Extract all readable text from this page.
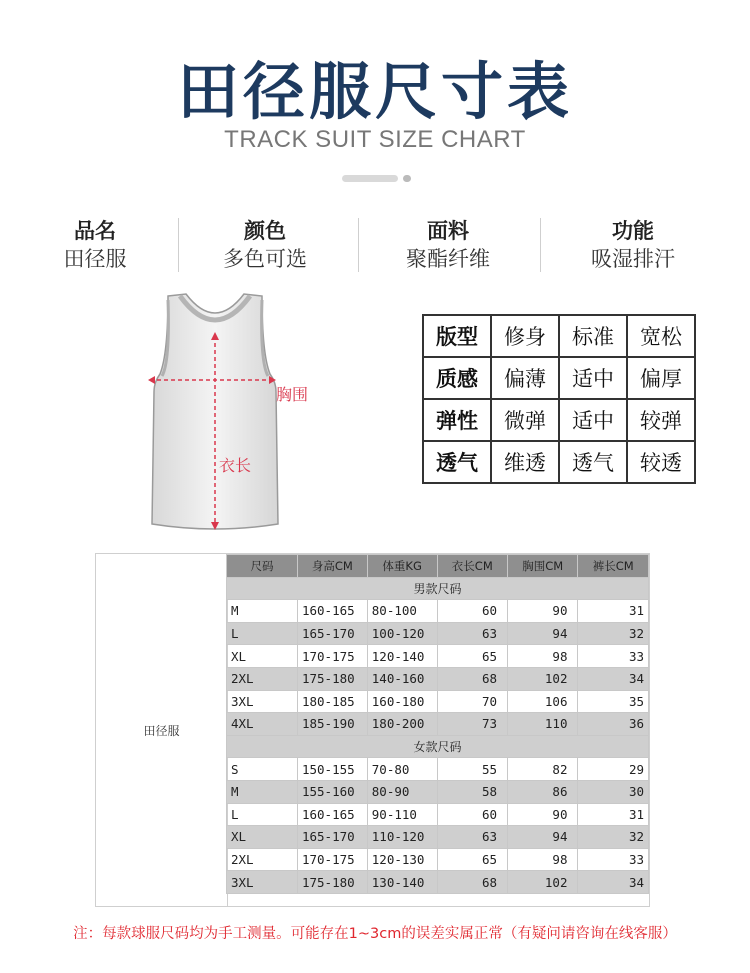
田径服尺寸表
TRACK SUIT SIZE CHART
品名
田径服
颜色
多色可选
面料
聚酯纤维
功能
吸湿排汗
胸围
衣长
版型	修身	标准	宽松
质感	偏薄	适中	偏厚
弹性	微弹	适中	较弹
透气	维透	透气	较透
田径服
尺码	身高CM	体重KG	衣长CM	胸围CM	裤长CM
男款尺码					
M	160-165	80-100	60	90	31
L	165-170	100-120	63	94	32
XL	170-175	120-140	65	98	33
2XL	175-180	140-160	68	102	34
3XL	180-185	160-180	70	106	35
4XL	185-190	180-200	73	110	36
女款尺码					
S	150-155	70-80	55	82	29
M	155-160	80-90	58	86	30
L	160-165	90-110	60	90	31
XL	165-170	110-120	63	94	32
2XL	170-175	120-130	65	98	33
3XL	175-180	130-140	68	102	34
注：每款球服尺码均为手工测量。可能存在1~3cm的误差实属正常（有疑问请咨询在线客服）
